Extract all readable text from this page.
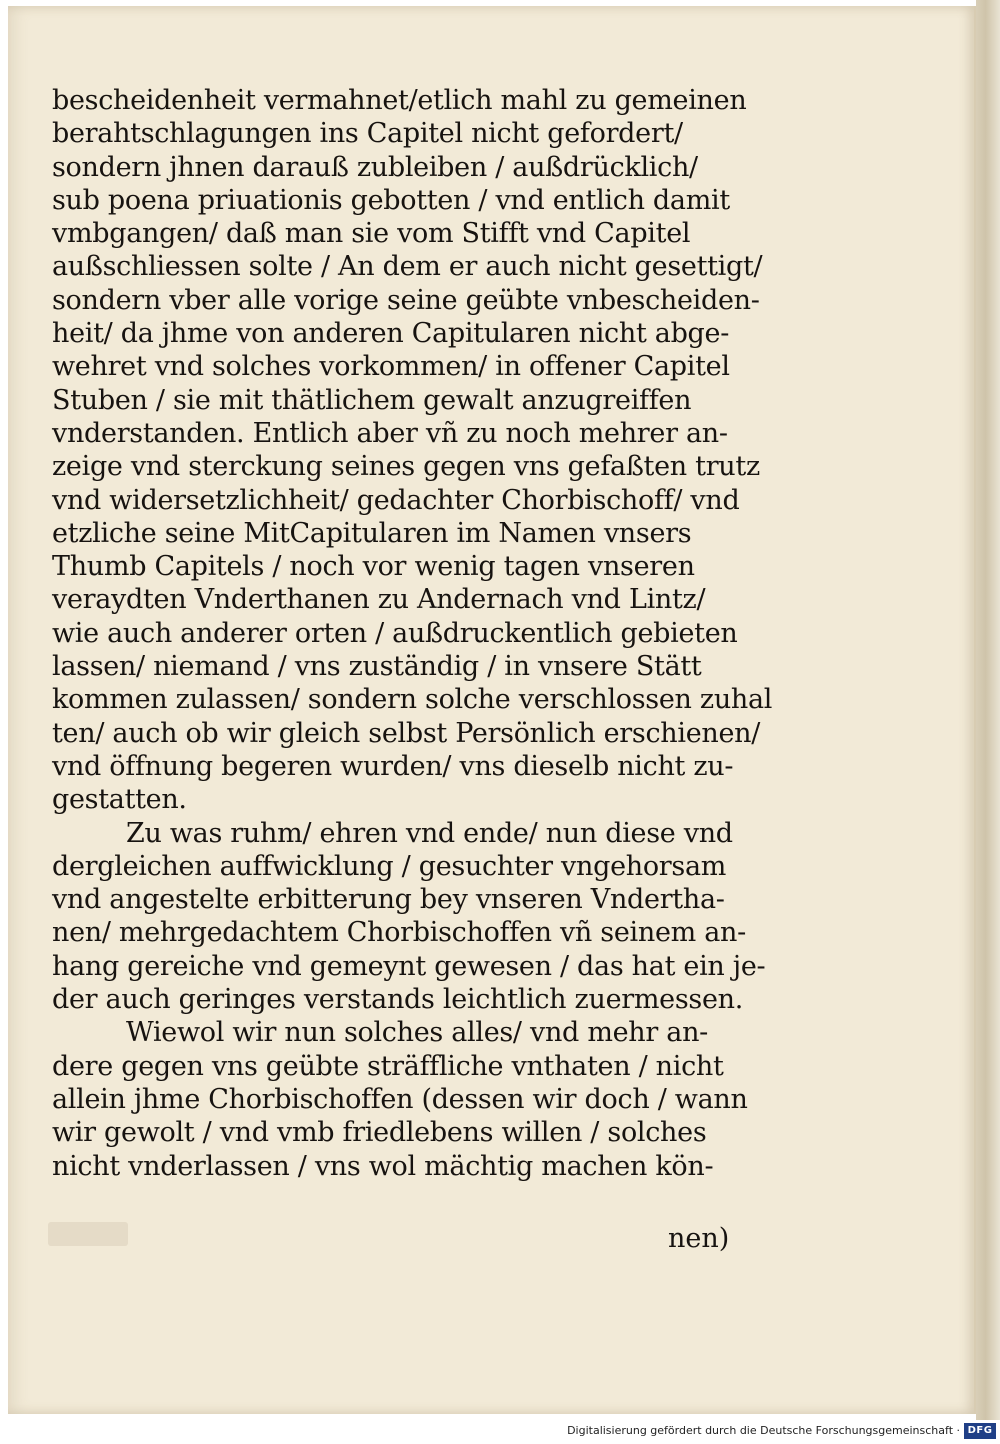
bescheidenheit vermahnet/etlich mahl zu gemeinen
berahtschlagungen ins Capitel nicht gefordert/
sondern jhnen darauß zubleiben / außdrücklich/
sub poena priuationis gebotten / vnd entlich damit
vmbgangen/ daß man sie vom Stifft vnd Capitel
außschliessen solte / An dem er auch nicht gesettigt/
sondern vber alle vorige seine geübte vnbescheiden-
heit/ da jhme von anderen Capitularen nicht abge-
wehret vnd solches vorkommen/ in offener Capitel
Stuben / sie mit thätlichem gewalt anzugreiffen
vnderstanden. Entlich aber vñ zu noch mehrer an-
zeige vnd sterckung seines gegen vns gefaßten trutz
vnd widersetzlichheit/ gedachter Chorbischoff/ vnd
etzliche seine MitCapitularen im Namen vnsers
Thumb Capitels / noch vor wenig tagen vnseren
veraydten Vnderthanen zu Andernach vnd Lintz/
wie auch anderer orten / außdruckentlich gebieten
lassen/ niemand / vns zuständig / in vnsere Stätt
kommen zulassen/ sondern solche verschlossen zuhal
ten/ auch ob wir gleich selbst Persönlich erschienen/
vnd öffnung begeren wurden/ vns dieselb nicht zu-
gestatten.
Zu was ruhm/ ehren vnd ende/ nun diese vnd
dergleichen auffwicklung / gesuchter vngehorsam
vnd angestelte erbitterung bey vnseren Vndertha-
nen/ mehrgedachtem Chorbischoffen vñ seinem an-
hang gereiche vnd gemeynt gewesen / das hat ein je-
der auch geringes verstands leichtlich zuermessen.
Wiewol wir nun solches alles/ vnd mehr an-
dere gegen vns geübte sträffliche vnthaten / nicht
allein jhme Chorbischoffen (dessen wir doch / wann
wir gewolt / vnd vmb friedlebens willen / solches
nicht vnderlassen / vns wol mächtig machen kön-
nen)
Digitalisierung gefördert durch die Deutsche Forschungsgemeinschaft · DFG
